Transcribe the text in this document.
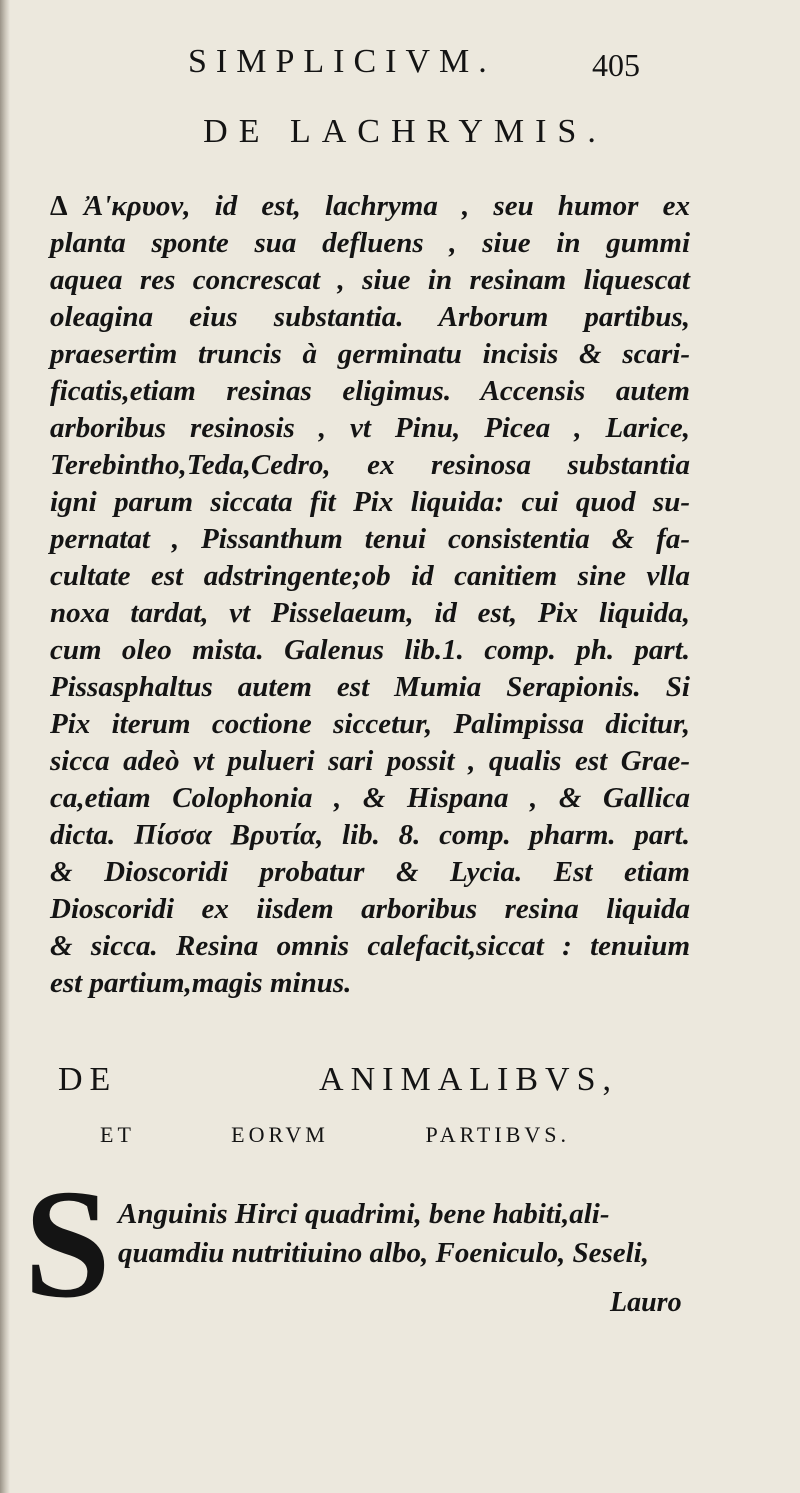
SIMPLICIVM.	405
DE LACHRYMIS.
Δ Ἀ'κρυον, id est, lachryma , seu humor ex
planta sponte sua defluens , siue in gummi
aquea res concrescat , siue in resinam liquescat
oleagina eius substantia. Arborum partibus,
praesertim truncis à germinatu incisis & scari-
ficatis,etiam resinas eligimus. Accensis autem
arboribus resinosis , vt Pinu, Picea , Larice,
Terebintho,Teda,Cedro, ex resinosa substantia
igni parum siccata fit Pix liquida: cui quod su-
pernatat , Pissanthum tenui consistentia & fa-
cultate est adstringente;ob id canitiem sine vlla
noxa tardat, vt Pisselaeum, id est, Pix liquida,
cum oleo mista. Galenus lib.1. comp. ph. part.
Pissasphaltus autem est Mumia Serapionis. Si
Pix iterum coctione siccetur, Palimpissa dicitur,
sicca adeò vt pulueri sari possit , qualis est Grae-
ca,etiam Colophonia , & Hispana , & Gallica
dicta. Πίσσα Βρυτία, lib. 8. comp. pharm. part.
& Dioscoridi probatur & Lycia. Est etiam
Dioscoridi ex iisdem arboribus resina liquida
& sicca. Resina omnis calefacit,siccat : tenuium
est partium,magis minus.
DE ANIMALIBVS,
ET EORVM PARTIBVS.
S Anguinis Hirci quadrimi, bene habiti,ali-
quamdiu nutritiuino albo, Foeniculo, Seseli,
Lauro
